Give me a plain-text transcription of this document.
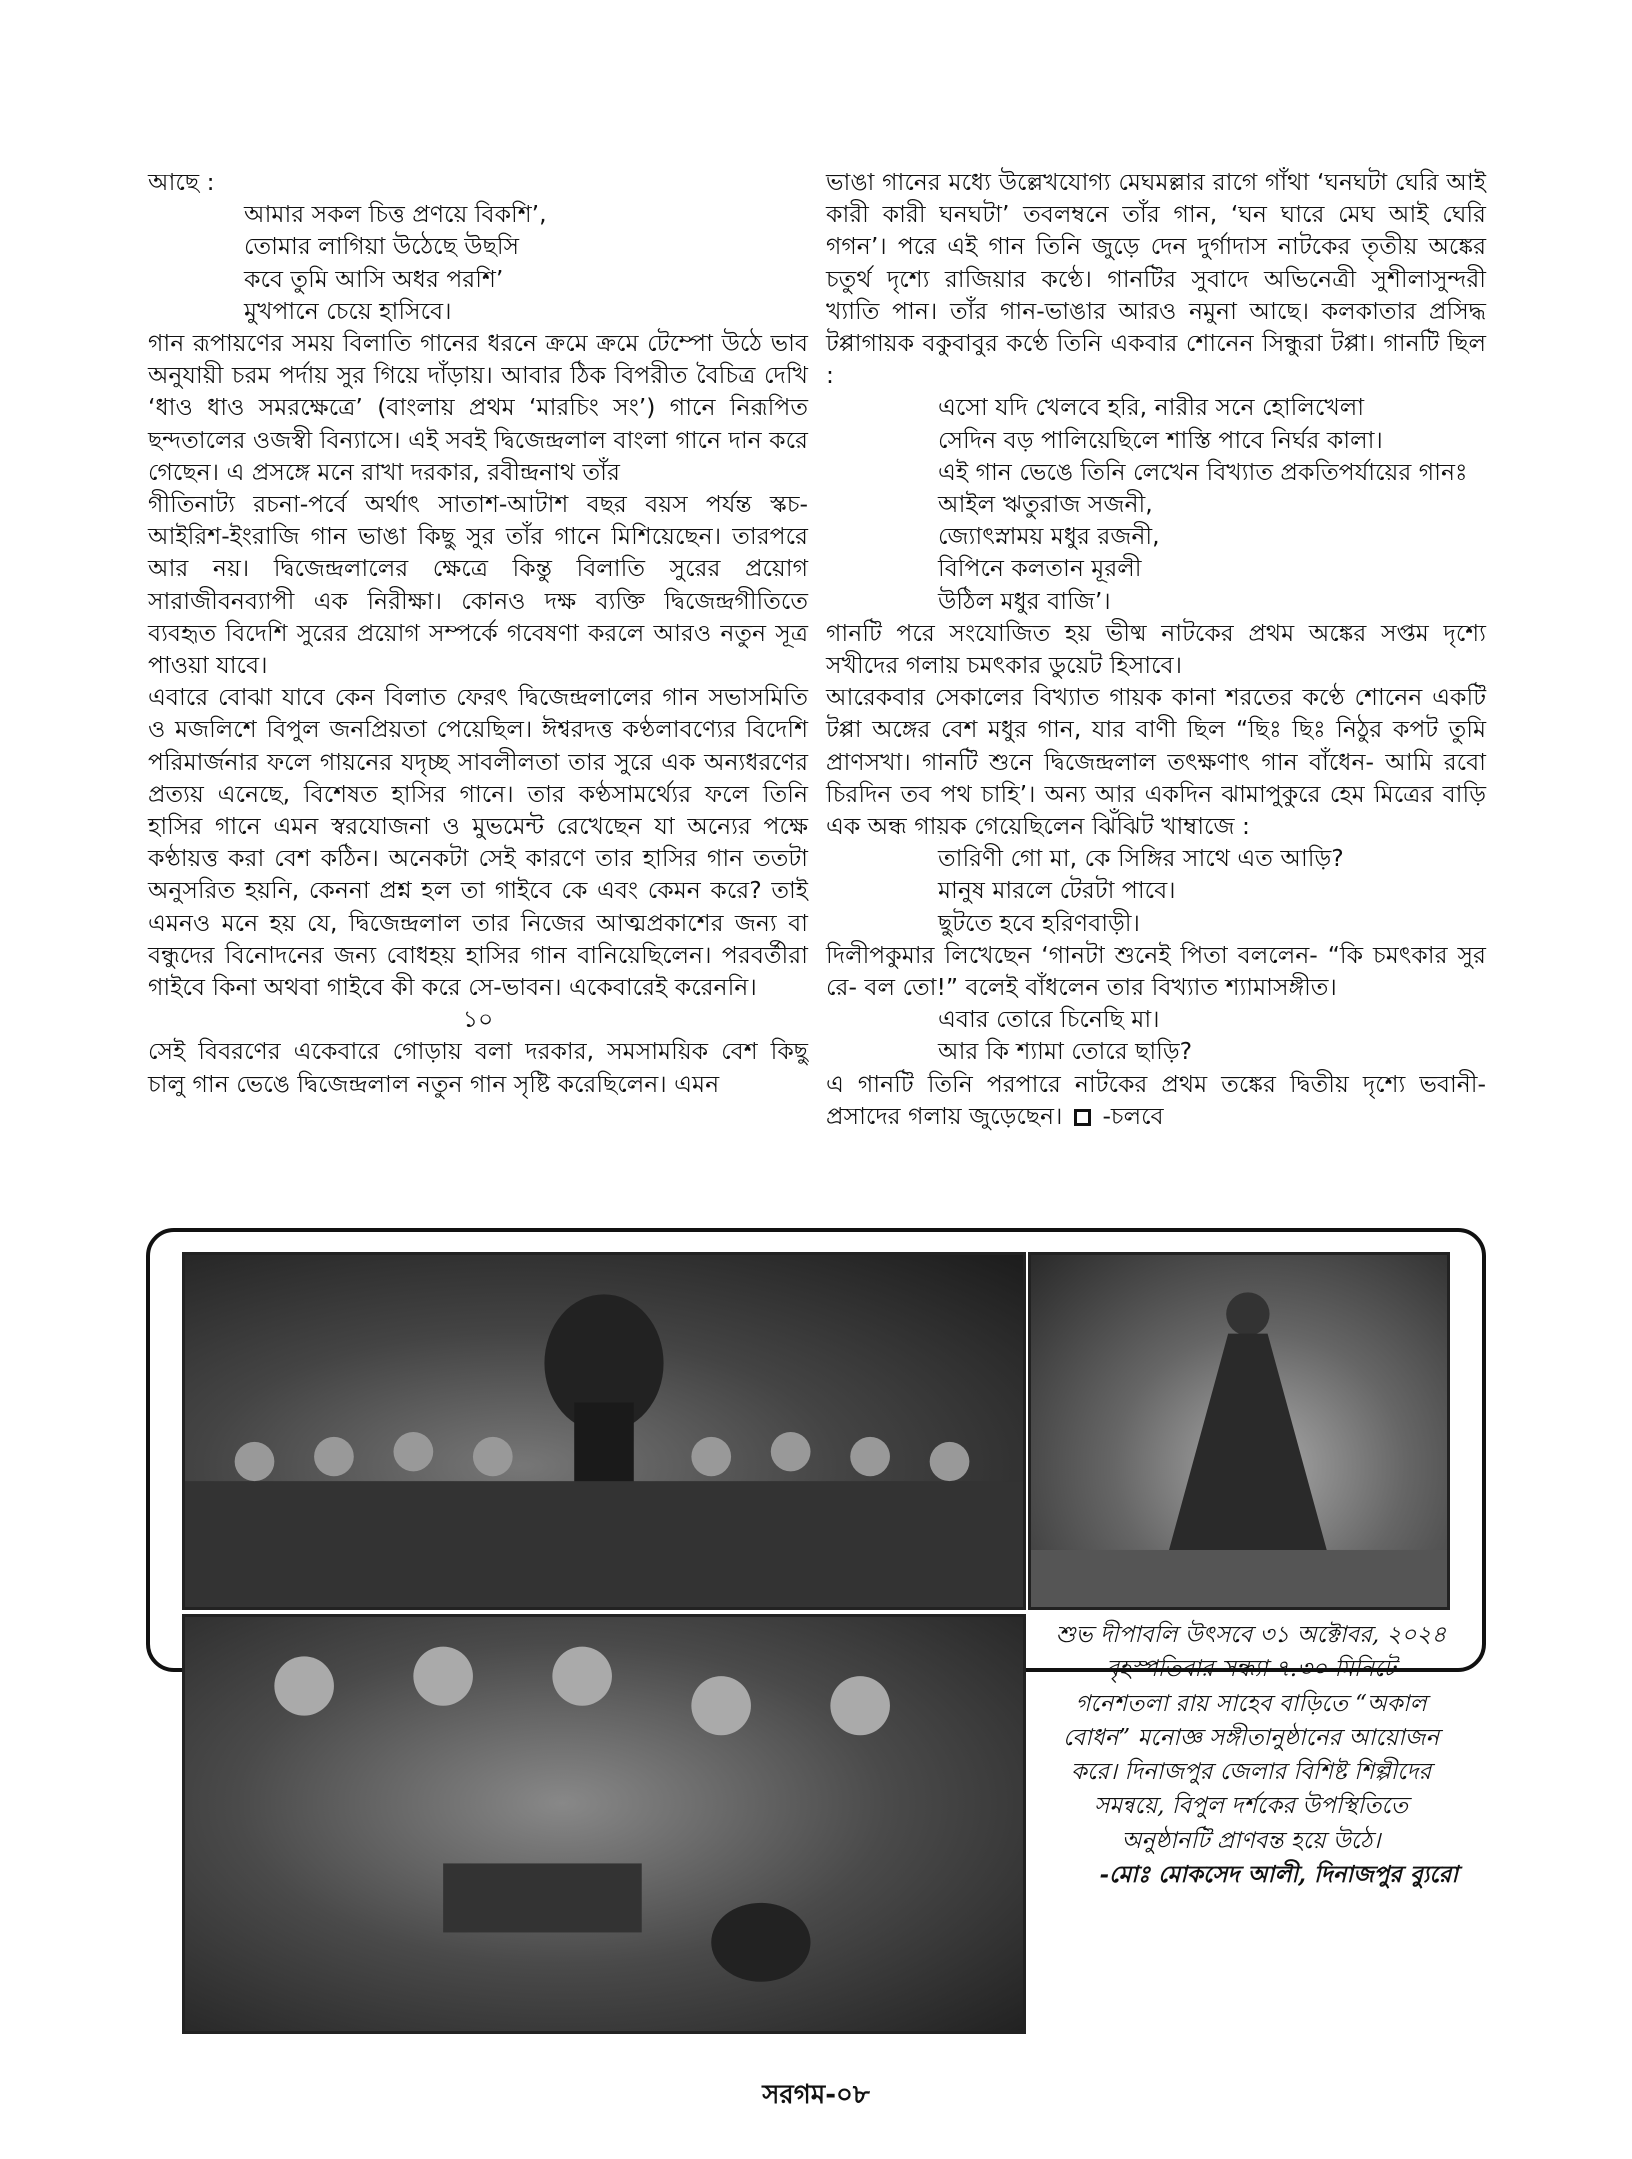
আছে :

আমার সকল চিত্ত প্রণয়ে বিকশি’,

তোমার লাগিয়া উঠেছে উছসি

কবে তুমি আসি অধর পরশি’

মুখপানে চেয়ে হাসিবে।

গান রূপায়ণের সময় বিলাতি গানের ধরনে ক্রমে ক্রমে টেম্পো উঠে ভাব অনুযায়ী চরম পর্দায় সুর গিয়ে দাঁড়ায়। আবার ঠিক বিপরীত বৈচিত্র দেখি ‘ধাও ধাও সমরক্ষেত্রে’ (বাংলায় প্রথম ‘মারচিং সং’) গানে নিরূপিত ছন্দতালের ওজস্বী বিন্যাসে। এই সবই দ্বিজেন্দ্রলাল বাংলা গানে দান করে গেছেন। এ প্রসঙ্গে মনে রাখা দরকার, রবীন্দ্রনাথ তাঁর

গীতিনাট্য রচনা-পর্বে অর্থাৎ সাতাশ-আটাশ বছর বয়স পর্যন্ত স্কচ-আইরিশ-ইংরাজি গান ভাঙা কিছু সুর তাঁর গানে মিশিয়েছেন। তারপরে আর নয়। দ্বিজেন্দ্রলালের ক্ষেত্রে কিন্তু বিলাতি সুরের প্রয়োগ সারাজীবনব্যাপী এক নিরীক্ষা। কোনও দক্ষ ব্যক্তি দ্বিজেন্দ্রগীতিতে ব্যবহৃত বিদেশি সুরের প্রয়োগ সম্পর্কে গবেষণা করলে আরও নতুন সূত্র পাওয়া যাবে।

এবারে বোঝা যাবে কেন বিলাত ফেরৎ দ্বিজেন্দ্রলালের গান সভাসমিতি ও মজলিশে বিপুল জনপ্রিয়তা পেয়েছিল। ঈশ্বরদত্ত কণ্ঠলাবণ্যের বিদেশি পরিমার্জনার ফলে গায়নের যদৃচ্ছ সাবলীলতা তার সুরে এক অন্যধরণের প্রত্যয় এনেছে, বিশেষত হাসির গানে। তার কণ্ঠসামর্থ্যের ফলে তিনি হাসির গানে এমন স্বরযোজনা ও মুভমেন্ট রেখেছেন যা অন্যের পক্ষে কণ্ঠায়ত্ত করা বেশ কঠিন। অনেকটা সেই কারণে তার হাসির গান ততটা অনুসরিত হয়নি, কেননা প্রশ্ন হল তা গাইবে কে এবং কেমন করে? তাই এমনও মনে হয় যে, দ্বিজেন্দ্রলাল তার নিজের আত্মপ্রকাশের জন্য বা বন্ধুদের বিনোদনের জন্য বোধহয় হাসির গান বানিয়েছিলেন। পরবর্তীরা গাইবে কিনা অথবা গাইবে কী করে সে-ভাবন। একেবারেই করেননি।

১০

সেই বিবরণের একেবারে গোড়ায় বলা দরকার, সমসাময়িক বেশ কিছু চালু গান ভেঙে দ্বিজেন্দ্রলাল নতুন গান সৃষ্টি করেছিলেন। এমন

ভাঙা গানের মধ্যে উল্লেখযোগ্য মেঘমল্লার রাগে গাঁথা ‘ঘনঘটা ঘেরি আই কারী কারী ঘনঘটা’ তবলম্বনে তাঁর গান, ‘ঘন ঘারে মেঘ আই ঘেরি গগন’। পরে এই গান তিনি জুড়ে দেন দুর্গাদাস নাটকের তৃতীয় অঙ্কের চতুর্থ দৃশ্যে রাজিয়ার কণ্ঠে। গানটির সুবাদে অভিনেত্রী সুশীলাসুন্দরী খ্যাতি পান। তাঁর গান-ভাঙার আরও নমুনা আছে। কলকাতার প্রসিদ্ধ টপ্পাগায়ক বকুবাবুর কণ্ঠে তিনি একবার শোনেন সিন্ধুরা টপ্পা। গানটি ছিল :

এসো যদি খেলবে হরি, নারীর সনে হোলিখেলা

সেদিন বড় পালিয়েছিলে শাস্তি পাবে নির্ঘর কালা।

এই গান ভেঙে তিনি লেখেন বিখ্যাত প্রকতিপর্যায়ের গানঃ

আইল ঋতুরাজ সজনী,

জ্যোৎস্নাময় মধুর রজনী,

বিপিনে কলতান মূরলী

উঠিল মধুর বাজি’।

গানটি পরে সংযোজিত হয় ভীষ্ম নাটকের প্রথম অঙ্কের সপ্তম দৃশ্যে সখীদের গলায় চমৎকার ডুয়েট হিসাবে।

আরেকবার সেকালের বিখ্যাত গায়ক কানা শরতের কণ্ঠে শোনেন একটি টপ্পা অঙ্গের বেশ মধুর গান, যার বাণী ছিল “ছিঃ ছিঃ নিঠুর কপট তুমি প্রাণসখা। গানটি শুনে দ্বিজেন্দ্রলাল তৎক্ষণাৎ গান বাঁধেন- আমি রবো চিরদিন তব পথ চাহি’। অন্য আর একদিন ঝামাপুকুরে হেম মিত্রের বাড়ি এক অন্ধ গায়ক গেয়েছিলেন ঝিঁঝিট খাম্বাজে :

তারিণী গো মা, কে সিঙ্গির সাথে এত আড়ি?

মানুষ মারলে টেরটা পাবে।

ছুটতে হবে হরিণবাড়ী।

দিলীপকুমার লিখেছেন ‘গানটা শুনেই পিতা বললেন- “কি চমৎকার সুর রে- বল তো!” বলেই বাঁধলেন তার বিখ্যাত শ্যামাসঙ্গীত।

এবার তোরে চিনেছি মা।

আর কি শ্যামা তোরে ছাড়ি?

এ গানটি তিনি পরপারে নাটকের প্রথম তঙ্কের দ্বিতীয় দৃশ্যে ভবানী-প্রসাদের গলায় জুড়েছেন। -চলবে

শুভ দীপাবলি উৎসবে ৩১ অক্টোবর, ২০২৪
বৃহস্পতিবার সন্ধ্যা ৭.৩০ মিনিটে
গনেশতলা রায় সাহেব বাড়িতে “অকাল
বোধন” মনোজ্ঞ সঙ্গীতানুষ্ঠানের আয়োজন
করে। দিনাজপুর জেলার বিশিষ্ট শিল্পীদের
সমন্বয়ে, বিপুল দর্শকের উপস্থিতিতে
অনুষ্ঠানটি প্রাণবন্ত হয়ে উঠে।
-মোঃ মোকসেদ আলী, দিনাজপুর ব্যুরো
সরগম-০৮
